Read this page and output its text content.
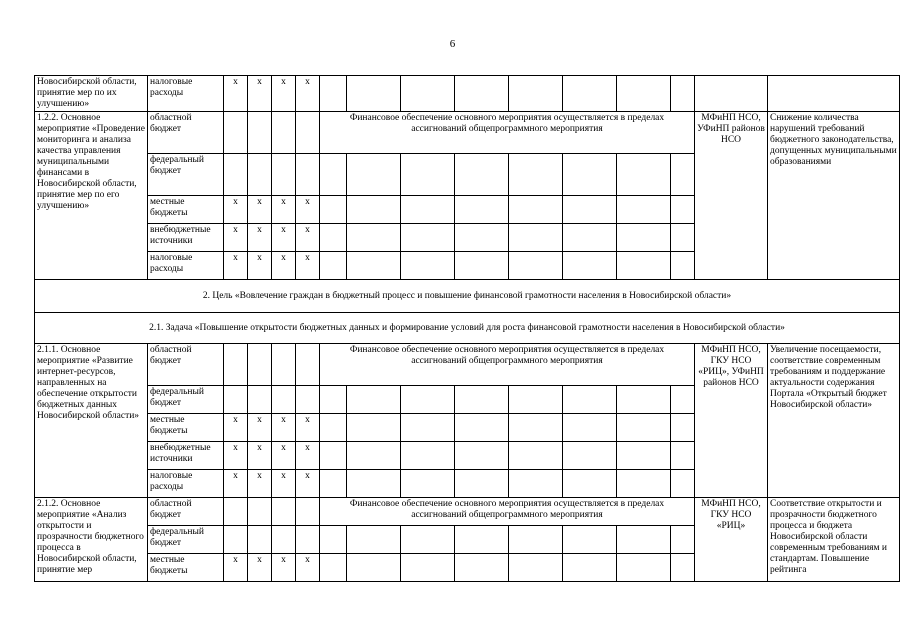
6
Новосибирской области, принятие мер по их улучшению»	налоговые расходы	x	x	x	x										
1.2.2. Основное мероприятие «Проведение мониторинга и анализа качества управления муниципальными финансами в Новосибирской области, принятие мер по его улучшению»	областной бюджет					Финансовое обеспечение основного мероприятия осуществляется в пределах ассигнований общепрограммного мероприятия								МФиНП НСО, УФиНП районов НСО	Снижение количества нарушений требований бюджетного законодательства, допущенных муниципальными образованиями
	федеральный бюджет														
	местные бюджеты	x	x	x	x										
	внебюджетные источники	x	x	x	x										
	налоговые расходы	x	x	x	x										
2. Цель «Вовлечение граждан в бюджетный процесс и повышение финансовой грамотности населения в Новосибирской области»															
2.1. Задача «Повышение открытости бюджетных данных и формирование условий для роста финансовой грамотности населения в Новосибирской области»															
2.1.1. Основное мероприятие «Развитие интернет-ресурсов, направленных на обеспечение открытости бюджетных данных Новосибирской области»	областной бюджет					Финансовое обеспечение основного мероприятия осуществляется в пределах ассигнований общепрограммного мероприятия								МФиНП НСО, ГКУ НСО «РИЦ», УФиНП районов НСО	Увеличение посещаемости, соответствие современным требованиям и поддержание актуальности содержания Портала «Открытый бюджет Новосибирской области»
	федеральный бюджет														
	местные бюджеты	x	x	x	x										
	внебюджетные источники	x	x	x	x										
	налоговые расходы	x	x	x	x										
2.1.2. Основное мероприятие «Анализ открытости и прозрачности бюджетного процесса в Новосибирской области, принятие мер	областной бюджет					Финансовое обеспечение основного мероприятия осуществляется в пределах ассигнований общепрограммного мероприятия								МФиНП НСО, ГКУ НСО «РИЦ»	Соответствие открытости и прозрачности бюджетного процесса и бюджета Новосибирской области современным требованиям и стандартам. Повышение рейтинга
	федеральный бюджет														
	местные бюджеты	x	x	x	x										
